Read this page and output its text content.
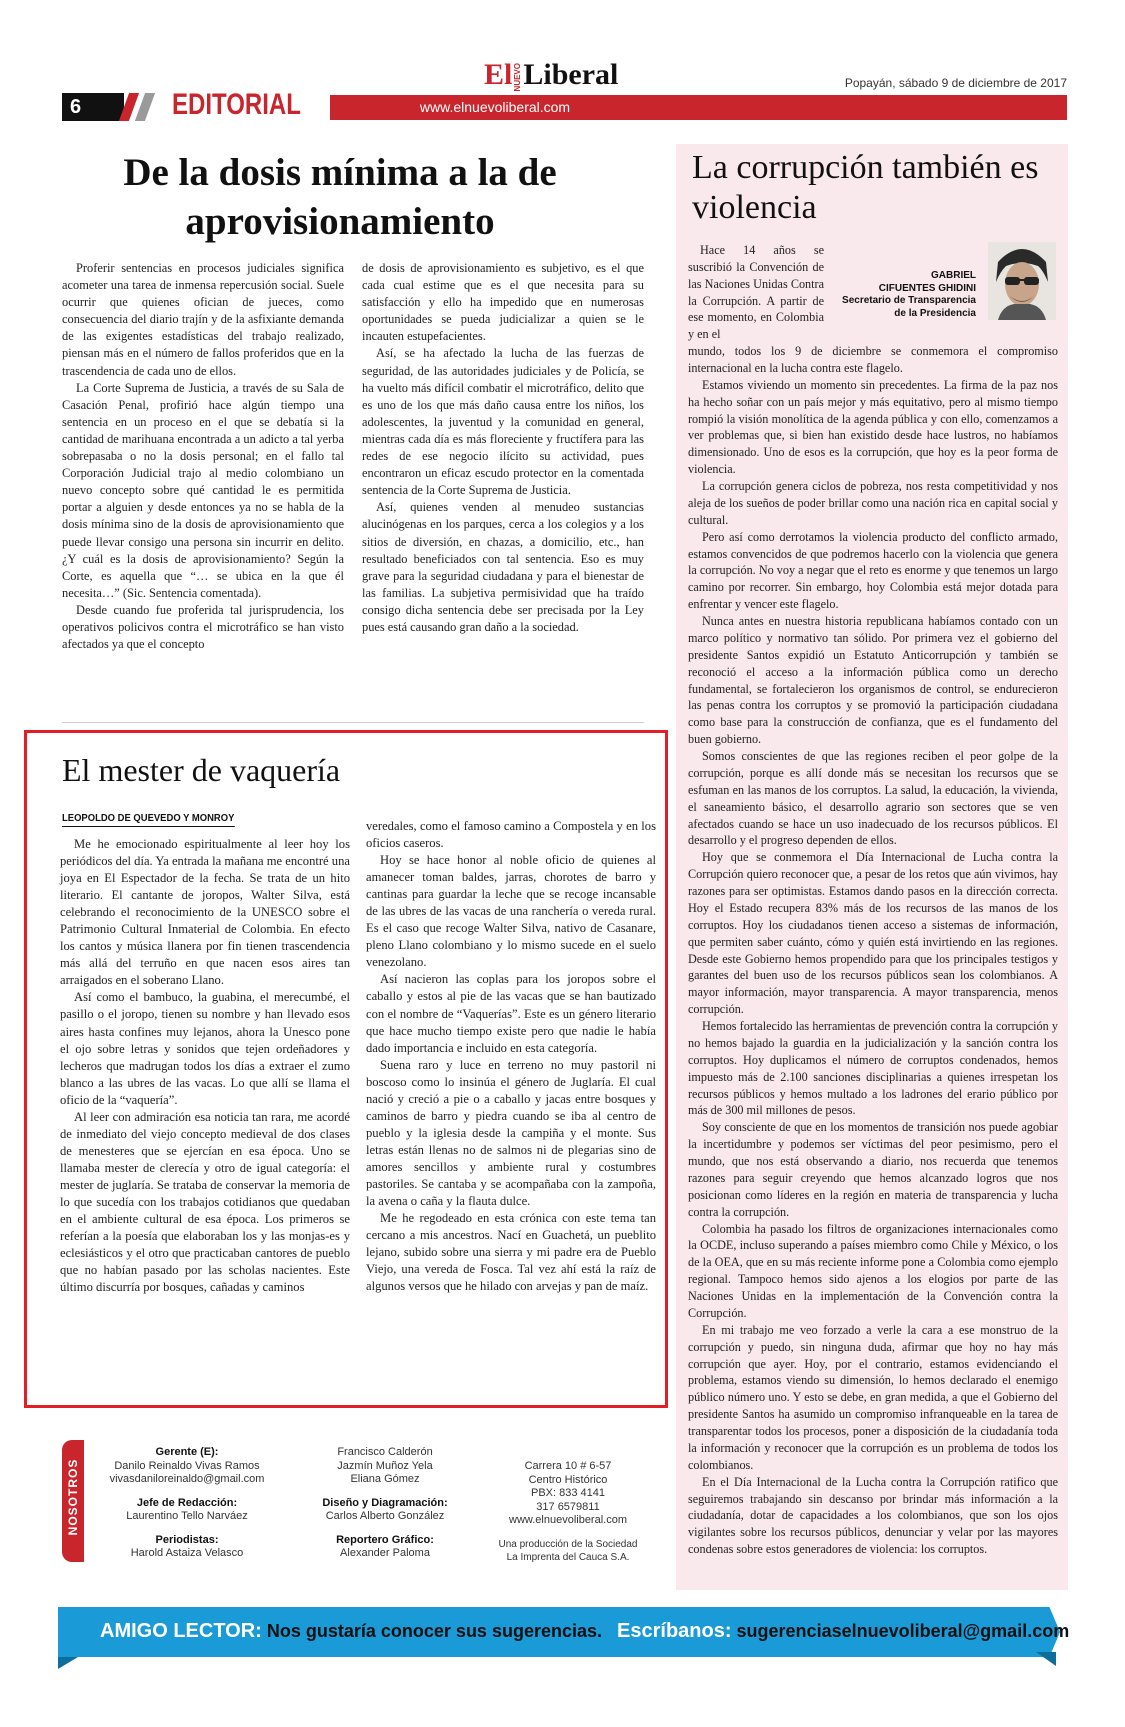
6	EDITORIAL	www.elnuevoliberal.com
ElNUEVOLiberal	Popayán, sábado 9 de diciembre de 2017
De la dosis mínima a la de aprovisionamiento

Proferir sentencias en procesos judiciales significa acometer una tarea de inmensa repercusión social. Suele ocurrir que quienes ofician de jueces, como consecuencia del diario trajín y de la asfixiante demanda de las exigentes estadísticas del trabajo realizado, piensan más en el número de fallos proferidos que en la trascendencia de cada uno de ellos.

La Corte Suprema de Justicia, a través de su Sala de Casación Penal, profirió hace algún tiempo una sentencia en un proceso en el que se debatía si la cantidad de marihuana encontrada a un adicto a tal yerba sobrepasaba o no la dosis personal; en el fallo tal Corporación Judicial trajo al medio colombiano un nuevo concepto sobre qué cantidad le es permitida portar a alguien y desde entonces ya no se habla de la dosis mínima sino de la dosis de aprovisionamiento que puede llevar consigo una persona sin incurrir en delito. ¿Y cuál es la dosis de aprovisionamiento? Según la Corte, es aquella que “… se ubica en la que él necesita…” (Sic. Sentencia comentada).

Desde cuando fue proferida tal jurisprudencia, los operativos policivos contra el microtráfico se han visto afectados ya que el concepto

de dosis de aprovisionamiento es subjetivo, es el que cada cual estime que es el que necesita para su satisfacción y ello ha impedido que en numerosas oportunidades se pueda judicializar a quien se le incauten estupefacientes.

Así, se ha afectado la lucha de las fuerzas de seguridad, de las autoridades judiciales y de Policía, se ha vuelto más difícil combatir el microtráfico, delito que es uno de los que más daño causa entre los niños, los adolescentes, la juventud y la comunidad en general, mientras cada día es más floreciente y fructífera para las redes de ese negocio ilícito su actividad, pues encontraron un eficaz escudo protector en la comentada sentencia de la Corte Suprema de Justicia.

Así, quienes venden al menudeo sustancias alucinógenas en los parques, cerca a los colegios y a los sitios de diversión, en chazas, a domicilio, etc., han resultado beneficiados con tal sentencia. Eso es muy grave para la seguridad ciudadana y para el bienestar de las familias. La subjetiva permisividad que ha traído consigo dicha sentencia debe ser precisada por la Ley pues está causando gran daño a la sociedad.

El mester de vaquería
LEOPOLDO DE QUEVEDO Y MONROY

Me he emocionado espiritualmente al leer hoy los periódicos del día. Ya entrada la mañana me encontré una joya en El Espectador de la fecha. Se trata de un hito literario. El cantante de joropos, Walter Silva, está celebrando el reconocimiento de la UNESCO sobre el Patrimonio Cultural Inmaterial de Colombia. En efecto los cantos y música llanera por fin tienen trascendencia más allá del terruño en que nacen esos aires tan arraigados en el soberano Llano.

Así como el bambuco, la guabina, el merecumbé, el pasillo o el joropo, tienen su nombre y han llevado esos aires hasta confines muy lejanos, ahora la Unesco pone el ojo sobre letras y sonidos que tejen ordeñadores y lecheros que madrugan todos los días a extraer el zumo blanco a las ubres de las vacas. Lo que allí se llama el oficio de la “vaquería”.

Al leer con admiración esa noticia tan rara, me acordé de inmediato del viejo concepto medieval de dos clases de menesteres que se ejercían en esa época. Uno se llamaba mester de clerecía y otro de igual categoría: el mester de juglaría. Se trataba de conservar la memoria de lo que sucedía con los trabajos cotidianos que quedaban en el ambiente cultural de esa época. Los primeros se referían a la poesía que elaboraban los y las monjas-es y eclesiásticos y el otro que practicaban cantores de pueblo que no habían pasado por las scholas nacientes. Este último discurría por bosques, cañadas y caminos

veredales, como el famoso camino a Compostela y en los oficios caseros.

Hoy se hace honor al noble oficio de quienes al amanecer toman baldes, jarras, chorotes de barro y cantinas para guardar la leche que se recoge incansable de las ubres de las vacas de una ranchería o vereda rural. Es el caso que recoge Walter Silva, nativo de Casanare, pleno Llano colombiano y lo mismo sucede en el suelo venezolano.

Así nacieron las coplas para los joropos sobre el caballo y estos al pie de las vacas que se han bautizado con el nombre de “Vaquerías”. Este es un género literario que hace mucho tiempo existe pero que nadie le había dado importancia e incluido en esta categoría.

Suena raro y luce en terreno no muy pastoril ni boscoso como lo insinúa el género de Juglaría. El cual nació y creció a pie o a caballo y jacas entre bosques y caminos de barro y piedra cuando se iba al centro de pueblo y la iglesia desde la campiña y el monte. Sus letras están llenas no de salmos ni de plegarias sino de amores sencillos y ambiente rural y costumbres pastoriles. Se cantaba y se acompañaba con la zampoña, la avena o caña y la flauta dulce.

Me he regodeado en esta crónica con este tema tan cercano a mis ancestros. Nací en Guachetá, un pueblito lejano, subido sobre una sierra y mi padre era de Pueblo Viejo, una vereda de Fosca. Tal vez ahí está la raíz de algunos versos que he hilado con arvejas y pan de maíz.

NOSOTROS
Gerente (E):
Danilo Reinaldo Vivas Ramos
vivasdaniloreinaldo@gmail.com
Jefe de Redacción:
Laurentino Tello Narváez
Periodistas:
Harold Astaiza Velasco
Francisco Calderón
Jazmín Muñoz Yela
Eliana Gómez
Diseño y Diagramación:
Carlos Alberto González
Reportero Gráfico:
Alexander Paloma
Carrera 10 # 6-57
Centro Histórico
PBX: 833 4141
317 6579811
www.elnuevoliberal.com
Una producción de la Sociedad
La Imprenta del Cauca S.A.
La corrupción también es violencia

Hace 14 años se suscribió la Convención de las Naciones Unidas Contra la Corrupción. A partir de ese momento, en Colombia y en el

GABRIEL
CIFUENTES GHIDINI
Secretario de Transparencia
de la Presidencia

mundo, todos los 9 de diciembre se conmemora el compromiso internacional en la lucha contra este flagelo.

Estamos viviendo un momento sin precedentes. La firma de la paz nos ha hecho soñar con un país mejor y más equitativo, pero al mismo tiempo rompió la visión monolítica de la agenda pública y con ello, comenzamos a ver problemas que, si bien han existido desde hace lustros, no habíamos dimensionado. Uno de esos es la corrupción, que hoy es la peor forma de violencia.

La corrupción genera ciclos de pobreza, nos resta competitividad y nos aleja de los sueños de poder brillar como una nación rica en capital social y cultural.

Pero así como derrotamos la violencia producto del conflicto armado, estamos convencidos de que podremos hacerlo con la violencia que genera la corrupción. No voy a negar que el reto es enorme y que tenemos un largo camino por recorrer. Sin embargo, hoy Colombia está mejor dotada para enfrentar y vencer este flagelo.

Nunca antes en nuestra historia republicana habíamos contado con un marco político y normativo tan sólido. Por primera vez el gobierno del presidente Santos expidió un Estatuto Anticorrupción y también se reconoció el acceso a la información pública como un derecho fundamental, se fortalecieron los organismos de control, se endurecieron las penas contra los corruptos y se promovió la participación ciudadana como base para la construcción de confianza, que es el fundamento del buen gobierno.

Somos conscientes de que las regiones reciben el peor golpe de la corrupción, porque es allí donde más se necesitan los recursos que se esfuman en las manos de los corruptos. La salud, la educación, la vivienda, el saneamiento básico, el desarrollo agrario son sectores que se ven afectados cuando se hace un uso inadecuado de los recursos públicos. El desarrollo y el progreso dependen de ellos.

Hoy que se conmemora el Día Internacional de Lucha contra la Corrupción quiero reconocer que, a pesar de los retos que aún vivimos, hay razones para ser optimistas. Estamos dando pasos en la dirección correcta. Hoy el Estado recupera 83% más de los recursos de las manos de los corruptos. Hoy los ciudadanos tienen acceso a sistemas de información, que permiten saber cuánto, cómo y quién está invirtiendo en las regiones. Desde este Gobierno hemos propendido para que los principales testigos y garantes del buen uso de los recursos públicos sean los colombianos. A mayor información, mayor transparencia. A mayor transparencia, menos corrupción.

Hemos fortalecido las herramientas de prevención contra la corrupción y no hemos bajado la guardia en la judicialización y la sanción contra los corruptos. Hoy duplicamos el número de corruptos condenados, hemos impuesto más de 2.100 sanciones disciplinarias a quienes irrespetan los recursos públicos y hemos multado a los ladrones del erario público por más de 300 mil millones de pesos.

Soy consciente de que en los momentos de transición nos puede agobiar la incertidumbre y podemos ser víctimas del peor pesimismo, pero el mundo, que nos está observando a diario, nos recuerda que tenemos razones para seguir creyendo que hemos alcanzado logros que nos posicionan como líderes en la región en materia de transparencia y lucha contra la corrupción.

Colombia ha pasado los filtros de organizaciones internacionales como la OCDE, incluso superando a países miembro como Chile y México, o los de la OEA, que en su más reciente informe pone a Colombia como ejemplo regional. Tampoco hemos sido ajenos a los elogios por parte de las Naciones Unidas en la implementación de la Convención contra la Corrupción.

En mi trabajo me veo forzado a verle la cara a ese monstruo de la corrupción y puedo, sin ninguna duda, afirmar que hoy no hay más corrupción que ayer. Hoy, por el contrario, estamos evidenciando el problema, estamos viendo su dimensión, lo hemos declarado el enemigo público número uno. Y esto se debe, en gran medida, a que el Gobierno del presidente Santos ha asumido un compromiso infranqueable en la tarea de transparentar todos los procesos, poner a disposición de la ciudadanía toda la información y reconocer que la corrupción es un problema de todos los colombianos.

En el Día Internacional de la Lucha contra la Corrupción ratifico que seguiremos trabajando sin descanso por brindar más información a la ciudadanía, dotar de capacidades a los colombianos, que son los ojos vigilantes sobre los recursos públicos, denunciar y velar por las mayores condenas sobre estos generadores de violencia: los corruptos.

AMIGO LECTOR: Nos gustaría conocer sus sugerencias. Escríbanos: sugerenciaselnuevoliberal@gmail.com
